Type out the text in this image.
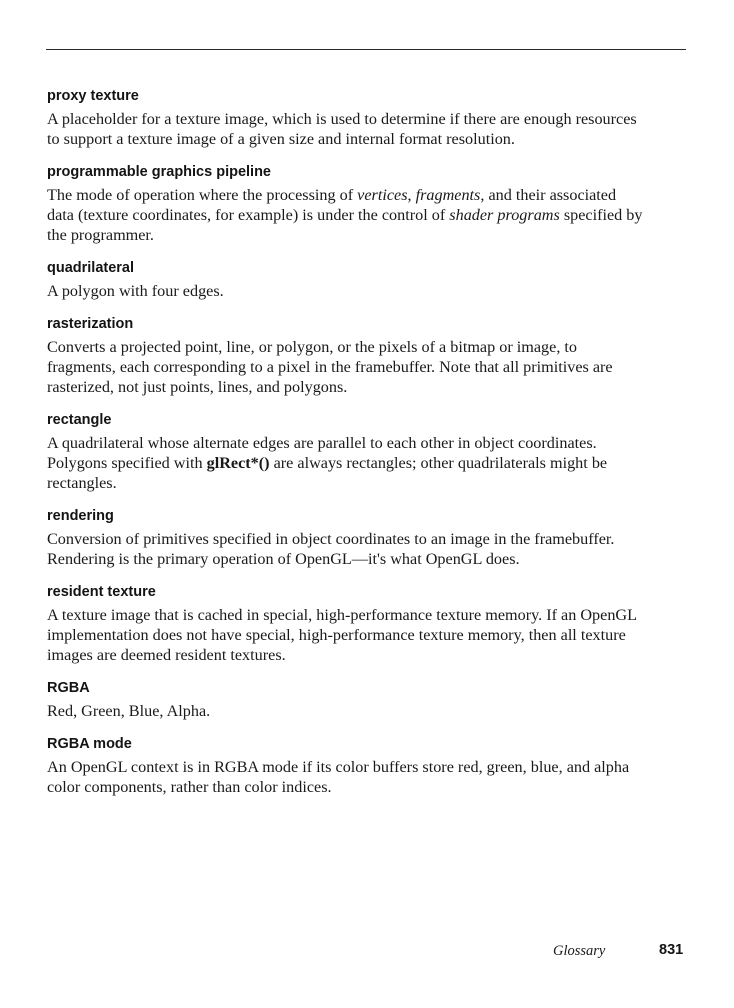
proxy texture

A placeholder for a texture image, which is used to determine if there are enough resources to support a texture image of a given size and internal format resolution.

programmable graphics pipeline

The mode of operation where the processing of vertices, fragments, and their associated data (texture coordinates, for example) is under the control of shader programs specified by the programmer.

quadrilateral

A polygon with four edges.

rasterization

Converts a projected point, line, or polygon, or the pixels of a bitmap or image, to fragments, each corresponding to a pixel in the framebuffer. Note that all primitives are rasterized, not just points, lines, and polygons.

rectangle

A quadrilateral whose alternate edges are parallel to each other in object coordinates. Polygons specified with glRect*() are always rectangles; other quadrilaterals might be rectangles.

rendering

Conversion of primitives specified in object coordinates to an image in the framebuffer. Rendering is the primary operation of OpenGL—it's what OpenGL does.

resident texture

A texture image that is cached in special, high-performance texture memory. If an OpenGL implementation does not have special, high-performance texture memory, then all texture images are deemed resident textures.

RGBA

Red, Green, Blue, Alpha.

RGBA mode

An OpenGL context is in RGBA mode if its color buffers store red, green, blue, and alpha color components, rather than color indices.

Glossary	831
